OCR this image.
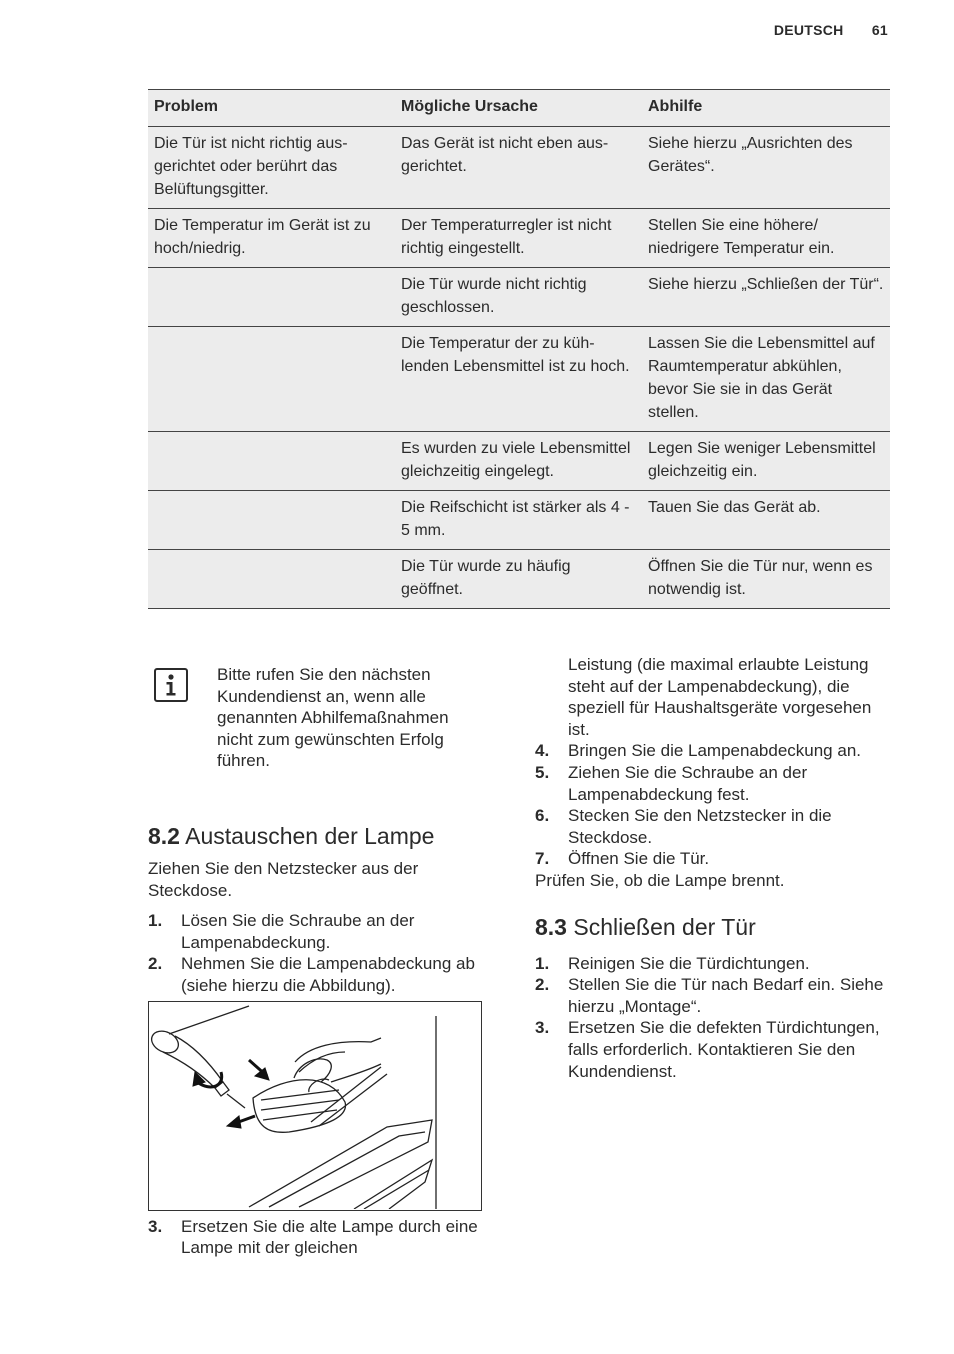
DEUTSCH 61
Problem	Mögliche Ursache	Abhilfe
Die Tür ist nicht richtig ausgerichtet oder berührt das Belüftungsgitter.	Das Gerät ist nicht eben ausgerichtet.	Siehe hierzu „Ausrichten des Gerätes“.
Die Temperatur im Gerät ist zu hoch/niedrig.	Der Temperaturregler ist nicht richtig eingestellt.	Stellen Sie eine höhere/ niedrigere Temperatur ein.
	Die Tür wurde nicht richtig geschlossen.	Siehe hierzu „Schließen der Tür“.
	Die Temperatur der zu kühlenden Lebensmittel ist zu hoch.	Lassen Sie die Lebensmittel auf Raumtemperatur abkühlen, bevor Sie sie in das Gerät stellen.
	Es wurden zu viele Lebensmittel gleichzeitig eingelegt.	Legen Sie weniger Lebensmittel gleichzeitig ein.
	Die Reifschicht ist stärker als 4 - 5 mm.	Tauen Sie das Gerät ab.
	Die Tür wurde zu häufig geöffnet.	Öffnen Sie die Tür nur, wenn es notwendig ist.
Bitte rufen Sie den nächsten Kundendienst an, wenn alle genannten Abhilfemaßnahmen nicht zum gewünschten Erfolg führen.
8.2 Austauschen der Lampe

Ziehen Sie den Netzstecker aus der Steckdose.

1. Lösen Sie die Schraube an der Lampenabdeckung.
2. Nehmen Sie die Lampenabdeckung ab (siehe hierzu die Abbildung).
3. Ersetzen Sie die alte Lampe durch eine Lampe mit der gleichen

Leistung (die maximal erlaubte Leistung steht auf der Lampenabdeckung), die speziell für Haushaltsgeräte vorgesehen ist.

4. Bringen Sie die Lampenabdeckung an.
5. Ziehen Sie die Schraube an der Lampenabdeckung fest.
6. Stecken Sie den Netzstecker in die Steckdose.
7. Öffnen Sie die Tür.

Prüfen Sie, ob die Lampe brennt.

8.3 Schließen der Tür
1. Reinigen Sie die Türdichtungen.
2. Stellen Sie die Tür nach Bedarf ein. Siehe hierzu „Montage“.
3. Ersetzen Sie die defekten Türdichtungen, falls erforderlich. Kontaktieren Sie den Kundendienst.
